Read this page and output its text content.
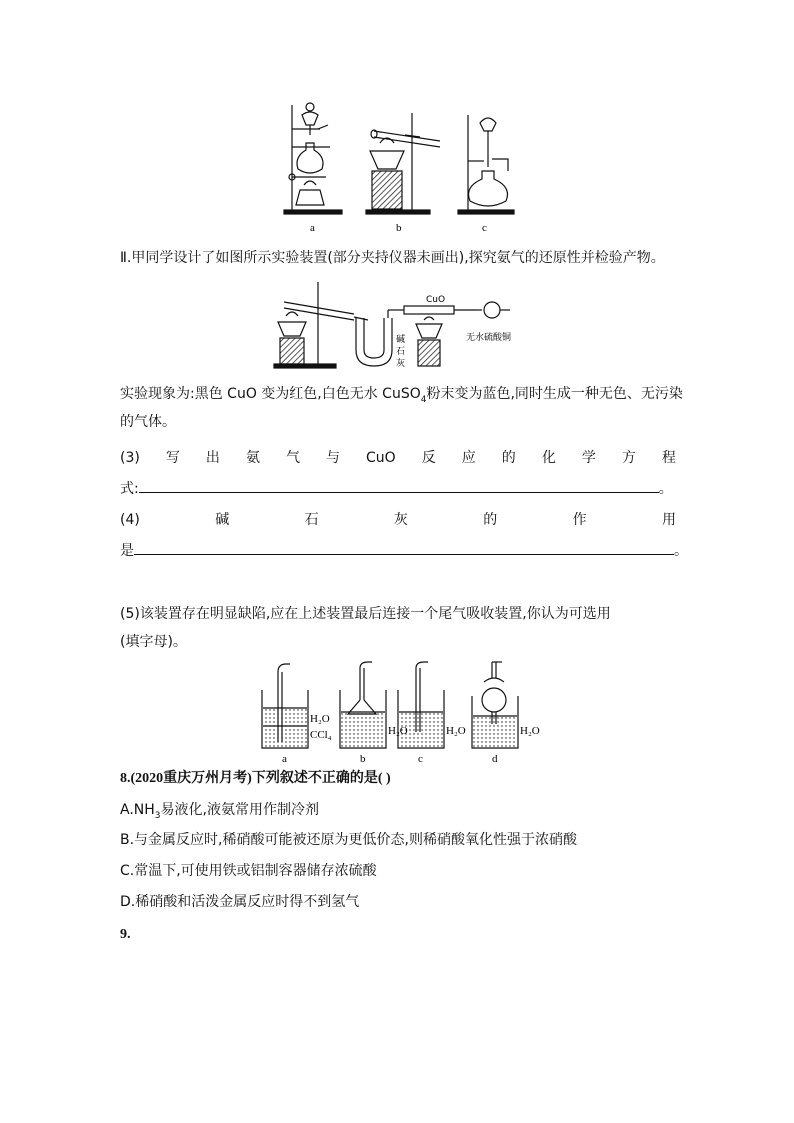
a	b	c
Ⅱ.甲同学设计了如图所示实验装置(部分夹持仪器未画出),探究氨气的还原性并检验产物。
CuO
碱
石
灰
无水硫酸铜
实验现象为:黑色 CuO 变为红色,白色无水 CuSO$_4$粉末变为蓝色,同时生成一种无色、无污染
的气体。
(3) 写 出 氨 气 与 CuO 反 应 的 化 学 方 程
式:	。
(4)	碱	石	灰	的	作	用
是	。
(5)该装置存在明显缺陷,应在上述装置最后连接一个尾气吸收装置,你认为可选用
(填字母)。
H₂O
CCl₄	H₂O	H₂O	H₂O
a	b	c	d
8.(2020重庆万州月考)下列叙述不正确的是( )
$A.NH_3$易液化,液氨常用作制冷剂
B.与金属反应时,稀硝酸可能被还原为更低价态,则稀硝酸氧化性强于浓硝酸
C.常温下,可使用铁或铝制容器储存浓硫酸
D.稀硝酸和活泼金属反应时得不到氢气
9.
